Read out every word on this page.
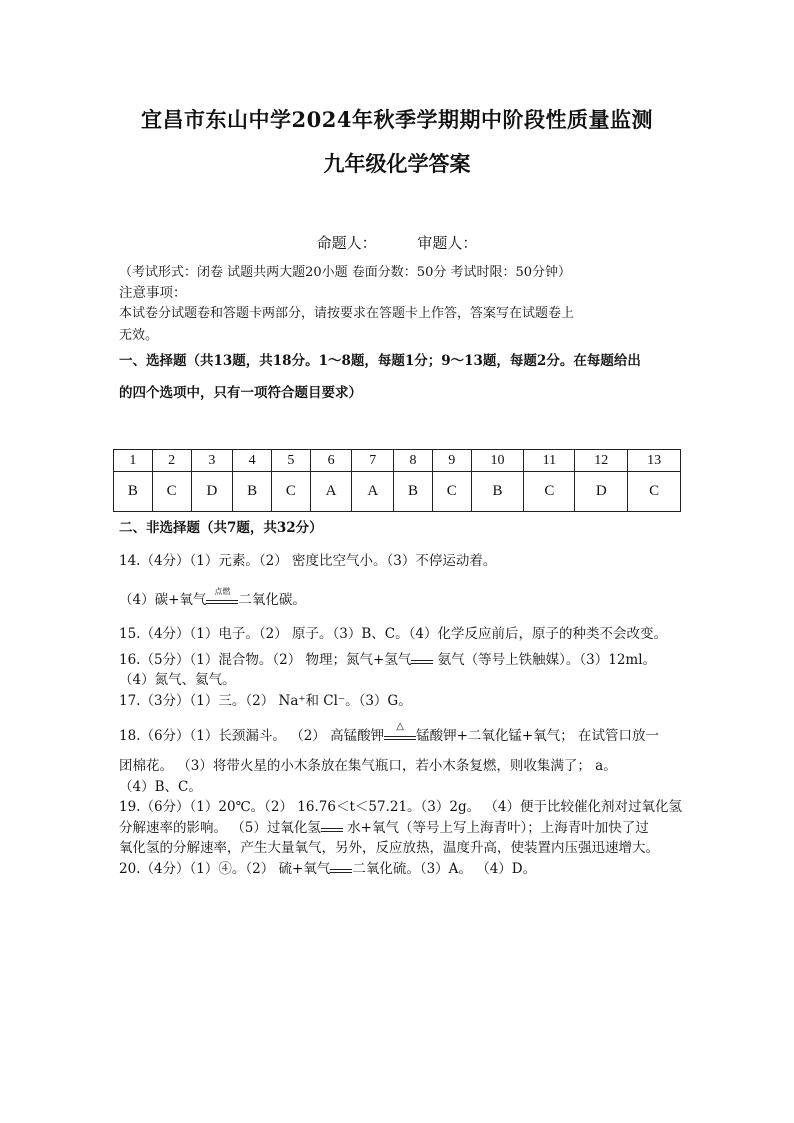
宜昌市东山中学2024年秋季学期期中阶段性质量监测
九年级化学答案
命题人：	审题人：
（考试形式：闭卷 试题共两大题20小题 卷面分数：50分 考试时限：50分钟）
注意事项：
本试卷分试题卷和答题卡两部分，请按要求在答题卡上作答，答案写在试题卷上
无效。
一、选择题（共13题，共18分。1～8题，每题1分；9～13题，每题2分。在每题给出
的四个选项中，只有一项符合题目要求）
1	2	3	4	5	6	7	8	9	10	11	12	13
B	C	D	B	C	A	A	B	C	B	C	D	C
二、非选择题（共7题，共32分）
14.（4分）（1）元素。（2） 密度比空气小。（3）不停运动着。
（4）碳+氧气
点燃
二氧化碳。
15.（4分）（1）电子。（2） 原子。（3）B、C。（4）化学反应前后，原子的种类不会改变。
16.（5分）（1）混合物。（2） 物理；氮气+氢气
氨气（等号上铁触媒）。（3）12ml。
（4）氮气、氦气。
17.（3分）（1）三。（2） Na⁺和 Cl⁻。（3）G。
18.（6分）（1）长颈漏斗。 （2） 高锰酸钾
△
锰酸钾+二氧化锰+氧气； 在试管口放一
团棉花。 （3）将带火星的小木条放在集气瓶口，若小木条复燃，则收集满了； a。
（4）B、C。
19.（6分）（1）20℃。（2） 16.76＜t＜57.21。（3）2g。 （4）便于比较催化剂对过氧化氢
分解速率的影响。 （5）过氧化氢
水+氧气（等号上写上海青叶）；上海青叶加快了过
氧化氢的分解速率，产生大量氧气，另外，反应放热，温度升高，使装置内压强迅速增大。
20.（4分）（1）④。（2） 硫+氧气 二氧化硫。（3）A。 （4）D。
